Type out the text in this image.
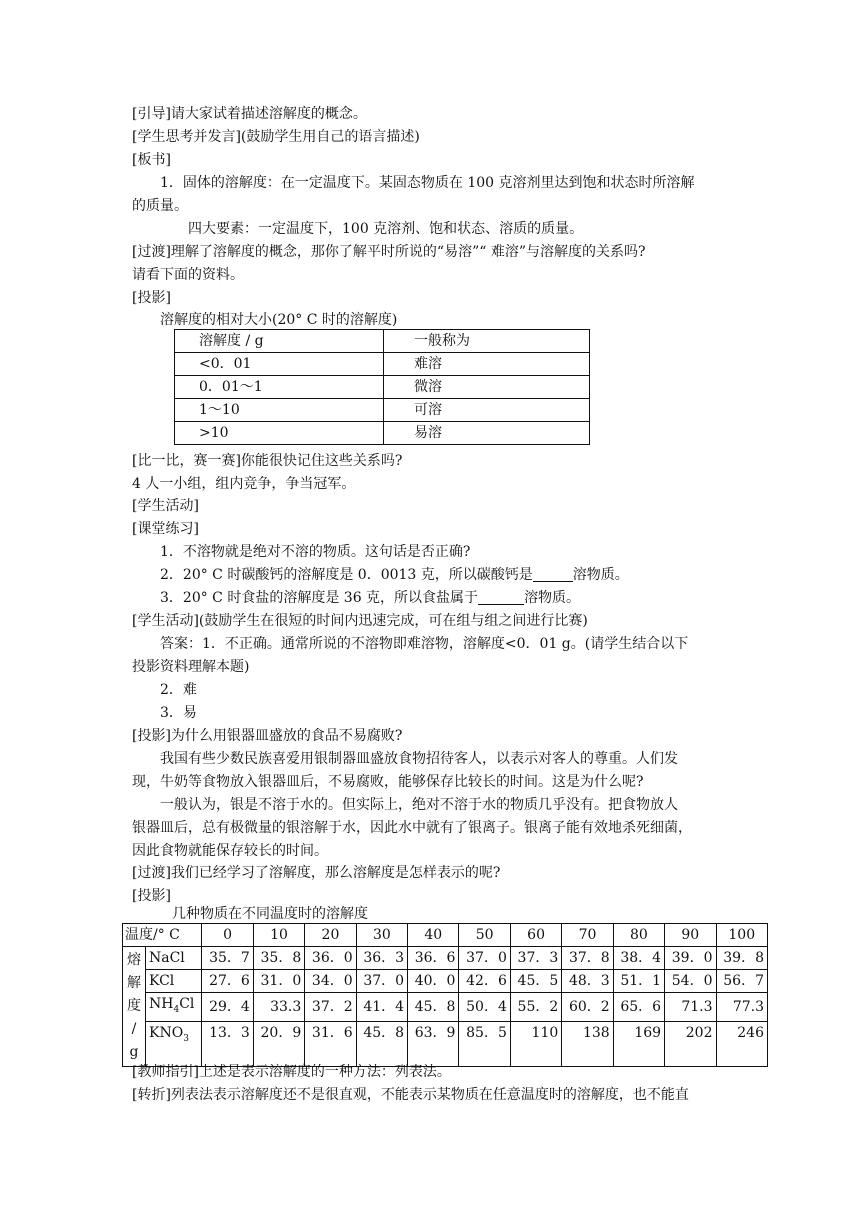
[引导]请大家试着描述溶解度的概念。
[学生思考并发言](鼓励学生用自己的语言描述)
[板书]
1．固体的溶解度：在一定温度下。某固态物质在 100 克溶剂里达到饱和状态时所溶解
的质量。
四大要素：一定温度下，100 克溶剂、饱和状态、溶质的质量。
[过渡]理解了溶解度的概念，那你了解平时所说的“易溶”“ 难溶”与溶解度的关系吗?
请看下面的资料。
[投影]
溶解度的相对大小(20° C 时的溶解度)
溶解度 / g	一般称为
<0．01	难溶
0．01～1	微溶
1～10	可溶
>10	易溶
[比一比，赛一赛]你能很快记住这些关系吗?
4 人一小组，组内竞争，争当冠军。
[学生活动]
[课堂练习]
1．不溶物就是绝对不溶的物质。这句话是否正确?
2．20° C 时碳酸钙的溶解度是 0．0013 克，所以碳酸钙是	溶物质。
3．20° C 时食盐的溶解度是 36 克，所以食盐属于	溶物质。
[学生活动](鼓励学生在很短的时间内迅速完成，可在组与组之间进行比赛)
答案：1．不正确。通常所说的不溶物即难溶物，溶解度<0．01 g。(请学生结合以下
投影资料理解本题)
2．难
3．易
[投影]为什么用银器皿盛放的食品不易腐败?
我国有些少数民族喜爱用银制器皿盛放食物招待客人，以表示对客人的尊重。人们发
现，牛奶等食物放入银器皿后，不易腐败，能够保存比较长的时间。这是为什么呢?
一般认为，银是不溶于水的。但实际上，绝对不溶于水的物质几乎没有。把食物放人
银器皿后，总有极微量的银溶解于水，因此水中就有了银离子。银离子能有效地杀死细菌，
因此食物就能保存较长的时间。
[过渡]我们已经学习了溶解度，那么溶解度是怎样表示的呢?
[投影]
几种物质在不同温度时的溶解度
温度/° C		0	10	20	30	40	50	60	70	80	90	100
熔
解
度
/
g	NaCl	35．7	35．8	36．0	36．3	36．6	37．0	37．3	37．8	38．4	39．0	39．8
	KCl	27．6	31．0	34．0	37．0	40．0	42．6	45．5	48．3	51．1	54．0	56．7
	$NH_4Cl$	29．4	33.3	37．2	41．4	45．8	50．4	55．2	60．2	65．6	71.3	77.3
	$KNO_3$	13．3	20．9	31．6	45．8	63．9	85．5	110	138	169	202	246
[教师指引]上述是表示溶解度的一种方法：列表法。
[转折]列表法表示溶解度还不是很直观，不能表示某物质在任意温度时的溶解度，也不能直
